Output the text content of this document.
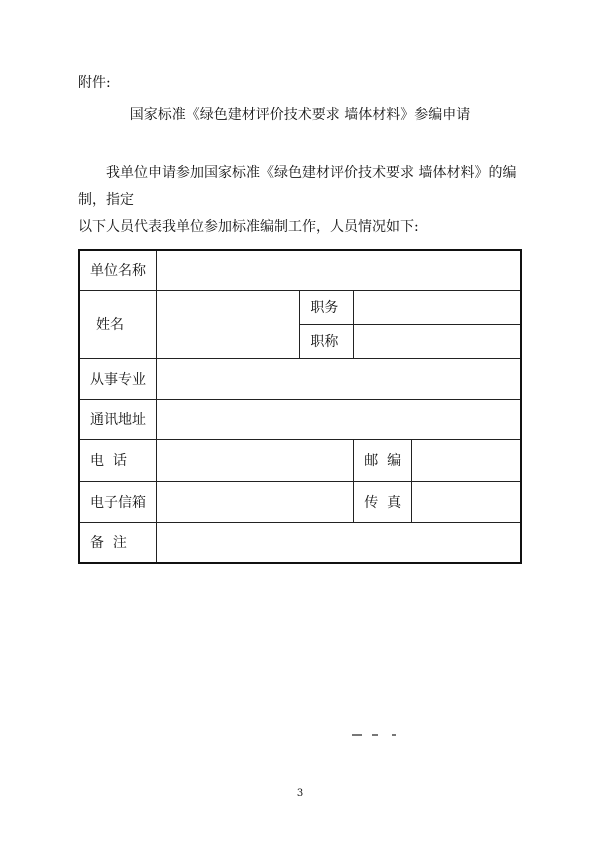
附件:
国家标准《绿色建材评价技术要求 墙体材料》参编申请
我单位申请参加国家标准《绿色建材评价技术要求 墙体材料》的编制，指定
以下人员代表我单位参加标准编制工作，人员情况如下:
单位名称				
姓名		职务		
		职称		
从事专业				
通讯地址				
电  话			邮  编	
电子信箱			传  真	
备  注				
3
